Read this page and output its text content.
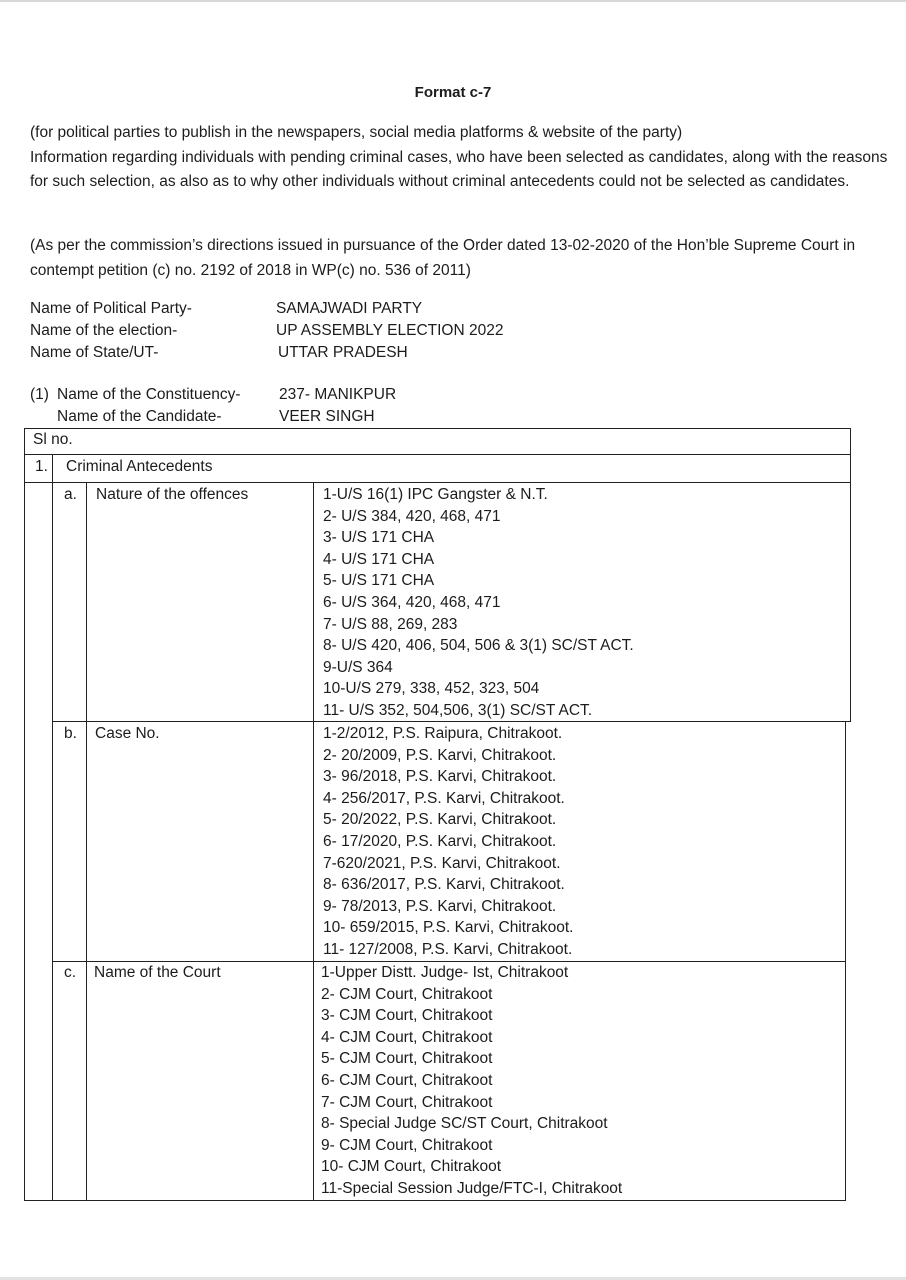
Format c-7
(for political parties to publish in the newspapers, social media platforms & website of the party)
Information regarding individuals with pending criminal cases, who have been selected as candidates, along with the reasons for such selection, as also as to why other individuals without criminal antecedents could not be selected as candidates.
(As per the commission’s directions issued in pursuance of the Order dated 13-02-2020 of the Hon’ble Supreme Court in contempt petition (c) no. 2192 of 2018 in WP(c) no. 536 of 2011)
Name of Political Party-	SAMAJWADI PARTY
Name of the election-	UP ASSEMBLY ELECTION 2022
Name of State/UT-	UTTAR PRADESH
(1) Name of the Constituency- 237- MANIKPUR
Name of the Candidate-	VEER SINGH
Sl no.
1. Criminal Antecedents
a. Nature of the offences	1-U/S 16(1) IPC Gangster & N.T.
2- U/S 384, 420, 468, 471
3- U/S 171 CHA
4- U/S 171 CHA
5- U/S 171 CHA
6- U/S 364, 420, 468, 471
7- U/S 88, 269, 283
8- U/S 420, 406, 504, 506 & 3(1) SC/ST ACT.
9-U/S 364
10-U/S 279, 338, 452, 323, 504
11- U/S 352, 504,506, 3(1) SC/ST ACT.
b. Case No.	1-2/2012, P.S. Raipura, Chitrakoot.
2- 20/2009, P.S. Karvi, Chitrakoot.
3- 96/2018, P.S. Karvi, Chitrakoot.
4- 256/2017, P.S. Karvi, Chitrakoot.
5- 20/2022, P.S. Karvi, Chitrakoot.
6- 17/2020, P.S. Karvi, Chitrakoot.
7-620/2021, P.S. Karvi, Chitrakoot.
8- 636/2017, P.S. Karvi, Chitrakoot.
9- 78/2013, P.S. Karvi, Chitrakoot.
10- 659/2015, P.S. Karvi, Chitrakoot.
11- 127/2008, P.S. Karvi, Chitrakoot.
c. Name of the Court	1-Upper Distt. Judge- Ist, Chitrakoot
2- CJM Court, Chitrakoot
3- CJM Court, Chitrakoot
4- CJM Court, Chitrakoot
5- CJM Court, Chitrakoot
6- CJM Court, Chitrakoot
7- CJM Court, Chitrakoot
8- Special Judge SC/ST Court, Chitrakoot
9- CJM Court, Chitrakoot
10- CJM Court, Chitrakoot
11-Special Session Judge/FTC-I, Chitrakoot
